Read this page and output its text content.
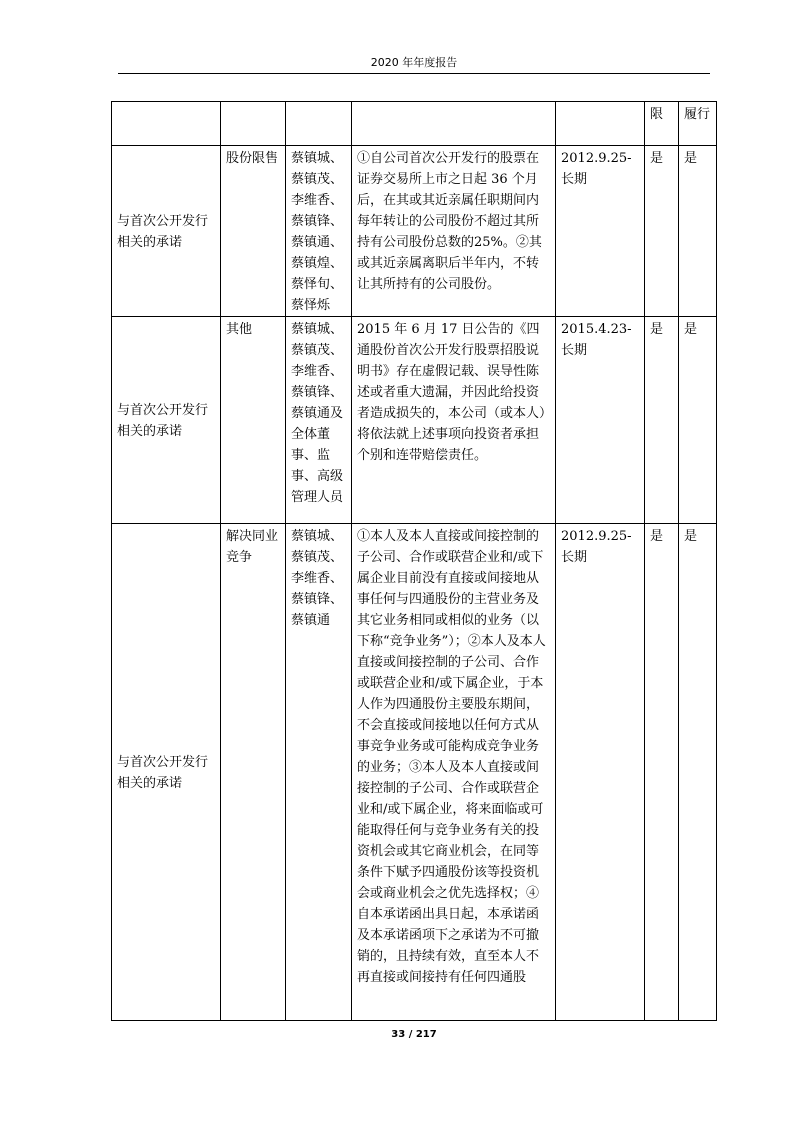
2020 年年度报告
					限	履行
与首次公开发行相关的承诺	股份限售	蔡镇城、蔡镇茂、李维香、蔡镇锋、蔡镇通、蔡镇煌、蔡怿旬、蔡怿烁	①自公司首次公开发行的股票在证券交易所上市之日起 36 个月后，在其或其近亲属任职期间内每年转让的公司股份不超过其所持有公司股份总数的25%。②其或其近亲属离职后半年内，不转让其所持有的公司股份。	2012.9.25-长期	是	是
与首次公开发行相关的承诺	其他	蔡镇城、蔡镇茂、李维香、蔡镇锋、蔡镇通及全体董事、监事、高级管理人员	2015 年 6 月 17 日公告的《四通股份首次公开发行股票招股说明书》存在虚假记载、误导性陈述或者重大遗漏，并因此给投资者造成损失的，本公司（或本人）将依法就上述事项向投资者承担个别和连带赔偿责任。	2015.4.23-长期	是	是
与首次公开发行相关的承诺	解决同业竞争	蔡镇城、蔡镇茂、李维香、蔡镇锋、蔡镇通	①本人及本人直接或间接控制的子公司、合作或联营企业和/或下属企业目前没有直接或间接地从事任何与四通股份的主营业务及其它业务相同或相似的业务（以下称“竞争业务”）；②本人及本人直接或间接控制的子公司、合作或联营企业和/或下属企业，于本人作为四通股份主要股东期间，不会直接或间接地以任何方式从事竞争业务或可能构成竞争业务的业务；③本人及本人直接或间接控制的子公司、合作或联营企业和/或下属企业，将来面临或可能取得任何与竞争业务有关的投资机会或其它商业机会，在同等条件下赋予四通股份该等投资机会或商业机会之优先选择权；④自本承诺函出具日起，本承诺函及本承诺函项下之承诺为不可撤销的，且持续有效，直至本人不再直接或间接持有任何四通股	2012.9.25-长期	是	是
33 / 217
